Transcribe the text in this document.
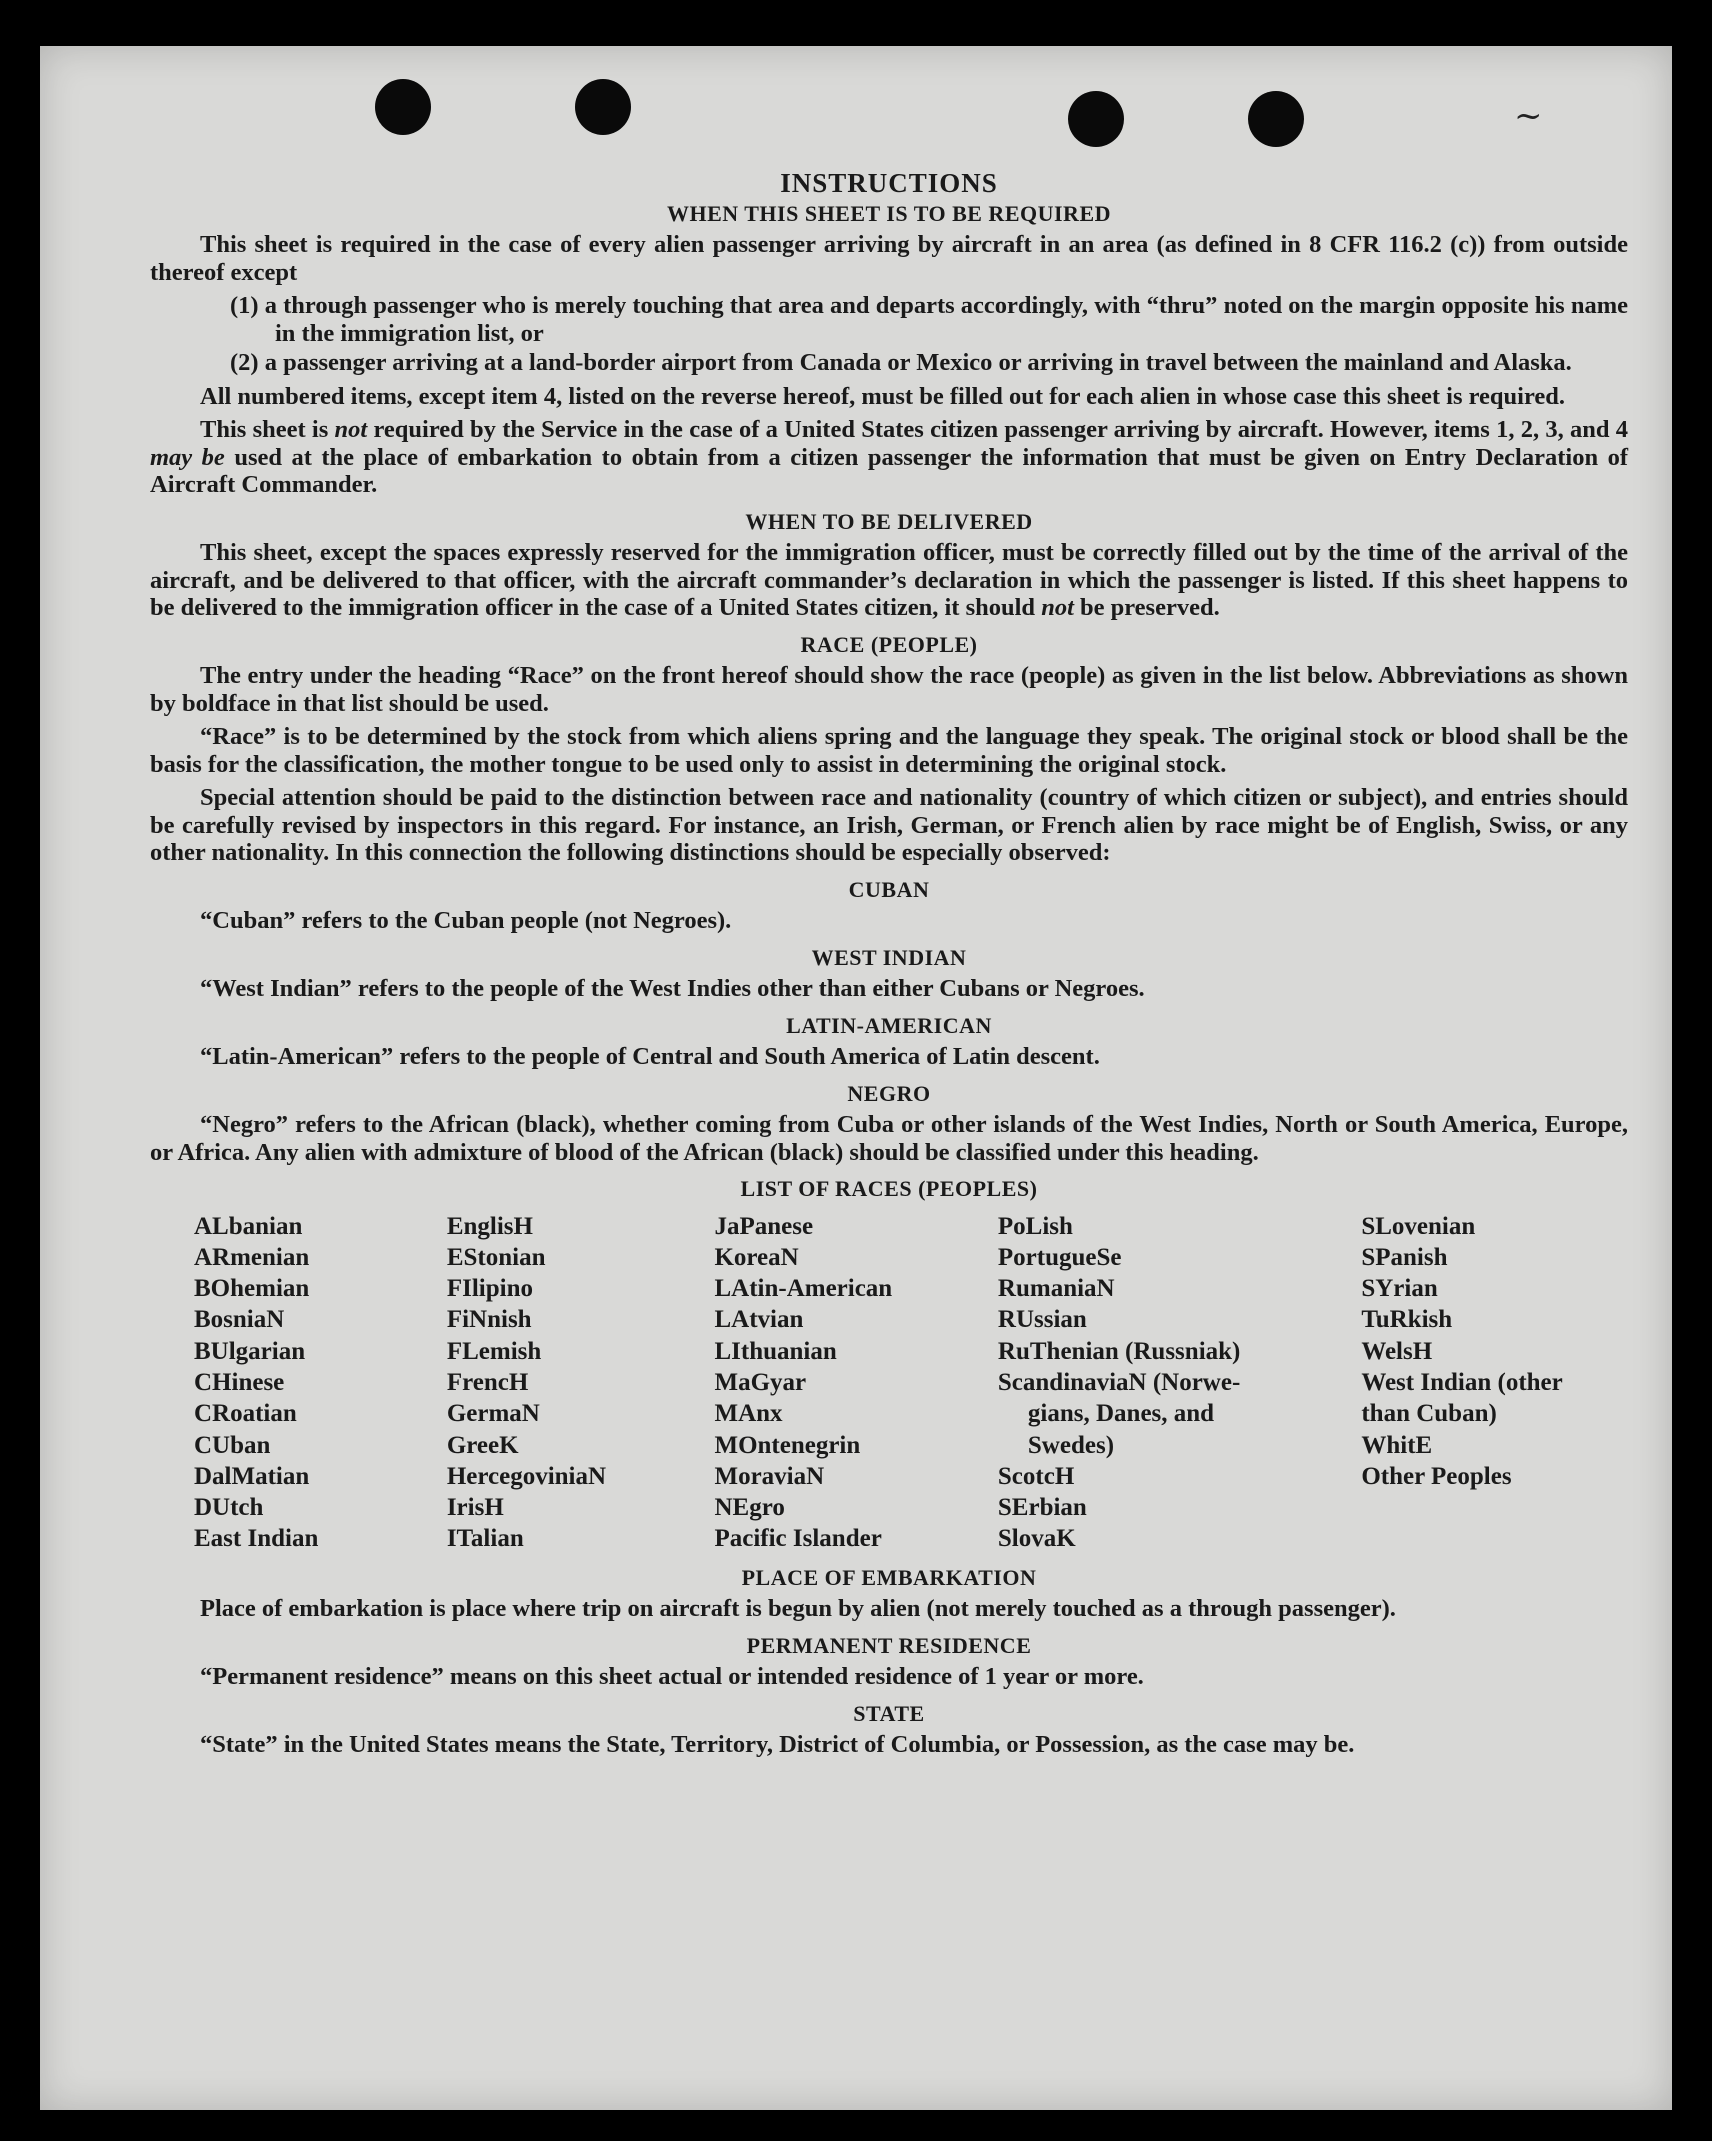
~
INSTRUCTIONS
WHEN THIS SHEET IS TO BE REQUIRED

This sheet is required in the case of every alien passenger arriving by aircraft in an area (as defined in 8 CFR 116.2 (c)) from outside thereof except

(1) a through passenger who is merely touching that area and departs accordingly, with “thru” noted on the margin opposite his name in the immigration list, or

(2) a passenger arriving at a land-border airport from Canada or Mexico or arriving in travel between the mainland and Alaska.

All numbered items, except item 4, listed on the reverse hereof, must be filled out for each alien in whose case this sheet is required.

This sheet is not required by the Service in the case of a United States citizen passenger arriving by aircraft. However, items 1, 2, 3, and 4 may be used at the place of embarkation to obtain from a citizen passenger the information that must be given on Entry Declaration of Aircraft Commander.

WHEN TO BE DELIVERED

This sheet, except the spaces expressly reserved for the immigration officer, must be correctly filled out by the time of the arrival of the aircraft, and be delivered to that officer, with the aircraft commander’s declaration in which the passenger is listed. If this sheet happens to be delivered to the immigration officer in the case of a United States citizen, it should not be preserved.

RACE (PEOPLE)

The entry under the heading “Race” on the front hereof should show the race (people) as given in the list below. Abbreviations as shown by boldface in that list should be used.

“Race” is to be determined by the stock from which aliens spring and the language they speak. The original stock or blood shall be the basis for the classification, the mother tongue to be used only to assist in determining the original stock.

Special attention should be paid to the distinction between race and nationality (country of which citizen or subject), and entries should be carefully revised by inspectors in this regard. For instance, an Irish, German, or French alien by race might be of English, Swiss, or any other nationality. In this connection the following distinctions should be especially observed:

CUBAN

“Cuban” refers to the Cuban people (not Negroes).

WEST INDIAN

“West Indian” refers to the people of the West Indies other than either Cubans or Negroes.

LATIN-AMERICAN

“Latin-American” refers to the people of Central and South America of Latin descent.

NEGRO

“Negro” refers to the African (black), whether coming from Cuba or other islands of the West Indies, North or South America, Europe, or Africa. Any alien with admixture of blood of the African (black) should be classified under this heading.

LIST OF RACES (PEOPLES)
ALbanian
ARmenian
BOhemian
BosniaN
BUlgarian
CHinese
CRoatian
CUban
DalMatian
DUtch
East Indian
EnglisH
EStonian
FIlipino
FiNnish
FLemish
FrencH
GermaN
GreeK
HercegoviniaN
IrisH
ITalian
JaPanese
KoreaN
LAtin-American
LAtvian
LIthuanian
MaGyar
MAnx
MOntenegrin
MoraviaN
NEgro
Pacific Islander
PoLish
PortugueSe
RumaniaN
RUssian
RuThenian (Russniak)
ScandinaviaN (Norwe-
gians, Danes, and
Swedes)
ScotcH
SErbian
SlovaK
SLovenian
SPanish
SYrian
TuRkish
WelsH
West Indian (other
than Cuban)
WhitE
Other Peoples
PLACE OF EMBARKATION

Place of embarkation is place where trip on aircraft is begun by alien (not merely touched as a through passenger).

PERMANENT RESIDENCE

“Permanent residence” means on this sheet actual or intended residence of 1 year or more.

STATE

“State” in the United States means the State, Territory, District of Columbia, or Possession, as the case may be.
